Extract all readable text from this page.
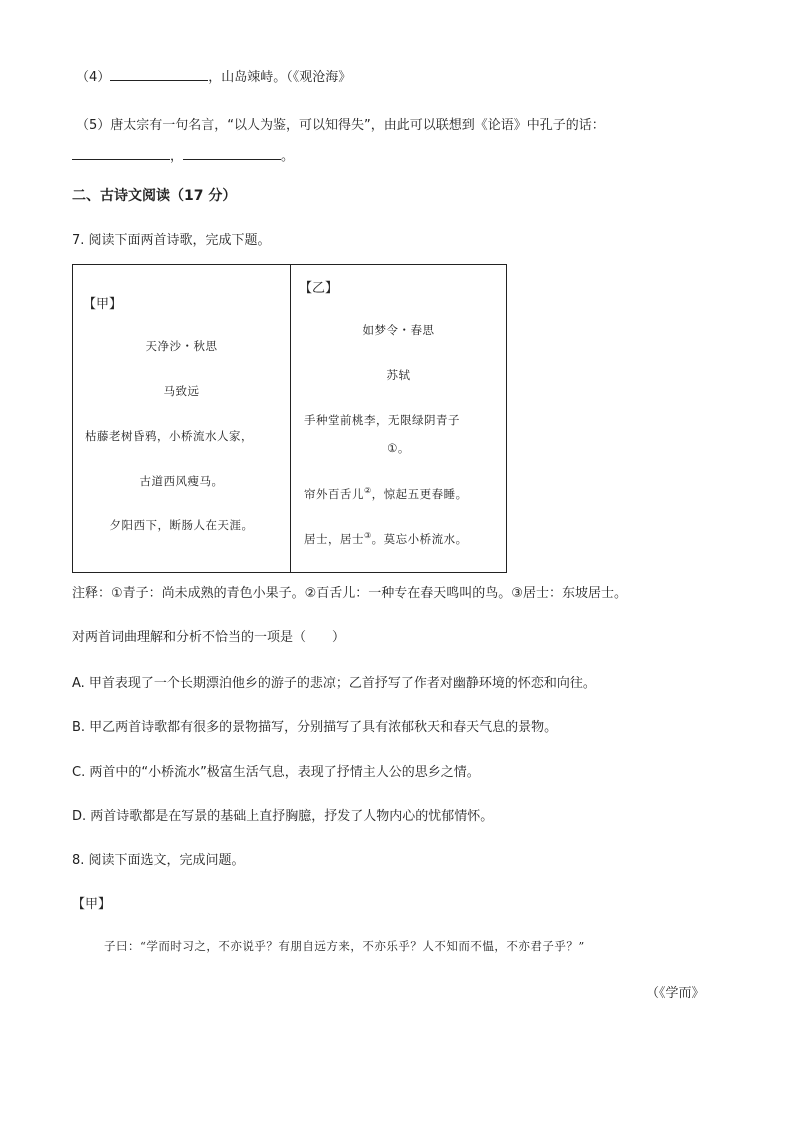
（4）	，山岛竦峙。（《观沧海》
（5）唐太宗有一句名言，“以人为鉴，可以知得失”，由此可以联想到《论语》中孔子的话：
，	。
二、古诗文阅读（17 分）
7. 阅读下面两首诗歌，完成下题。
【甲】
天净沙・秋思
马致远
枯藤老树昏鸦，小桥流水人家，
古道西风瘦马。
夕阳西下，断肠人在天涯。

【乙】
如梦令・春思
苏轼
手种堂前桃李，无限绿阴青子
①。
帘外百舌儿②，惊起五更春睡。
居士，居士③。莫忘小桥流水。
注释：①青子：尚未成熟的青色小果子。②百舌儿：一种专在春天鸣叫的鸟。③居士：东坡居士。
对两首词曲理解和分析不恰当的一项是（　　）
A. 甲首表现了一个长期漂泊他乡的游子的悲凉；乙首抒写了作者对幽静环境的怀恋和向往。
B. 甲乙两首诗歌都有很多的景物描写，分别描写了具有浓郁秋天和春天气息的景物。
C. 两首中的“小桥流水”极富生活气息，表现了抒情主人公的思乡之情。
D. 两首诗歌都是在写景的基础上直抒胸臆，抒发了人物内心的忧郁情怀。
8. 阅读下面选文，完成问题。
【甲】
子曰：“学而时习之，不亦说乎？有朋自远方来，不亦乐乎？人不知而不愠，不亦君子乎？”
（《学而》
